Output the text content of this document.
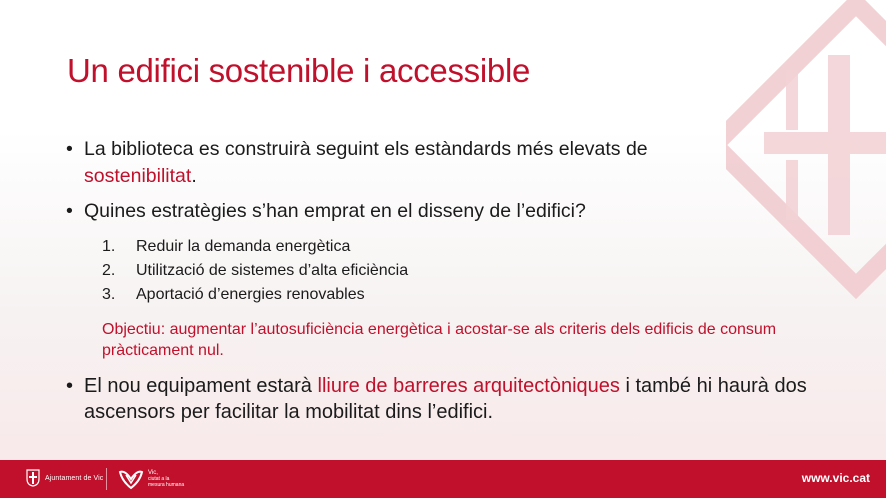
Un edifici sostenible i accessible
• La biblioteca es construirà seguint els estàndards més elevats de
sostenibilitat.
• Quines estratègies s’han emprat en el disseny de l’edifici?
1.	Reduir la demanda energètica
2.	Utilització de sistemes d’alta eficiència
3.	Aportació d’energies renovables
Objectiu: augmentar l’autosuficiència energètica i acostar-se als criteris dels edificis de consum pràcticament nul.
• El nou equipament estarà lliure de barreres arquitectòniques i també hi haurà dos ascensors per facilitar la mobilitat dins l’edifici.
Ajuntament de Vic
Vic,
ciutat a la
mesura humana	www.vic.cat
